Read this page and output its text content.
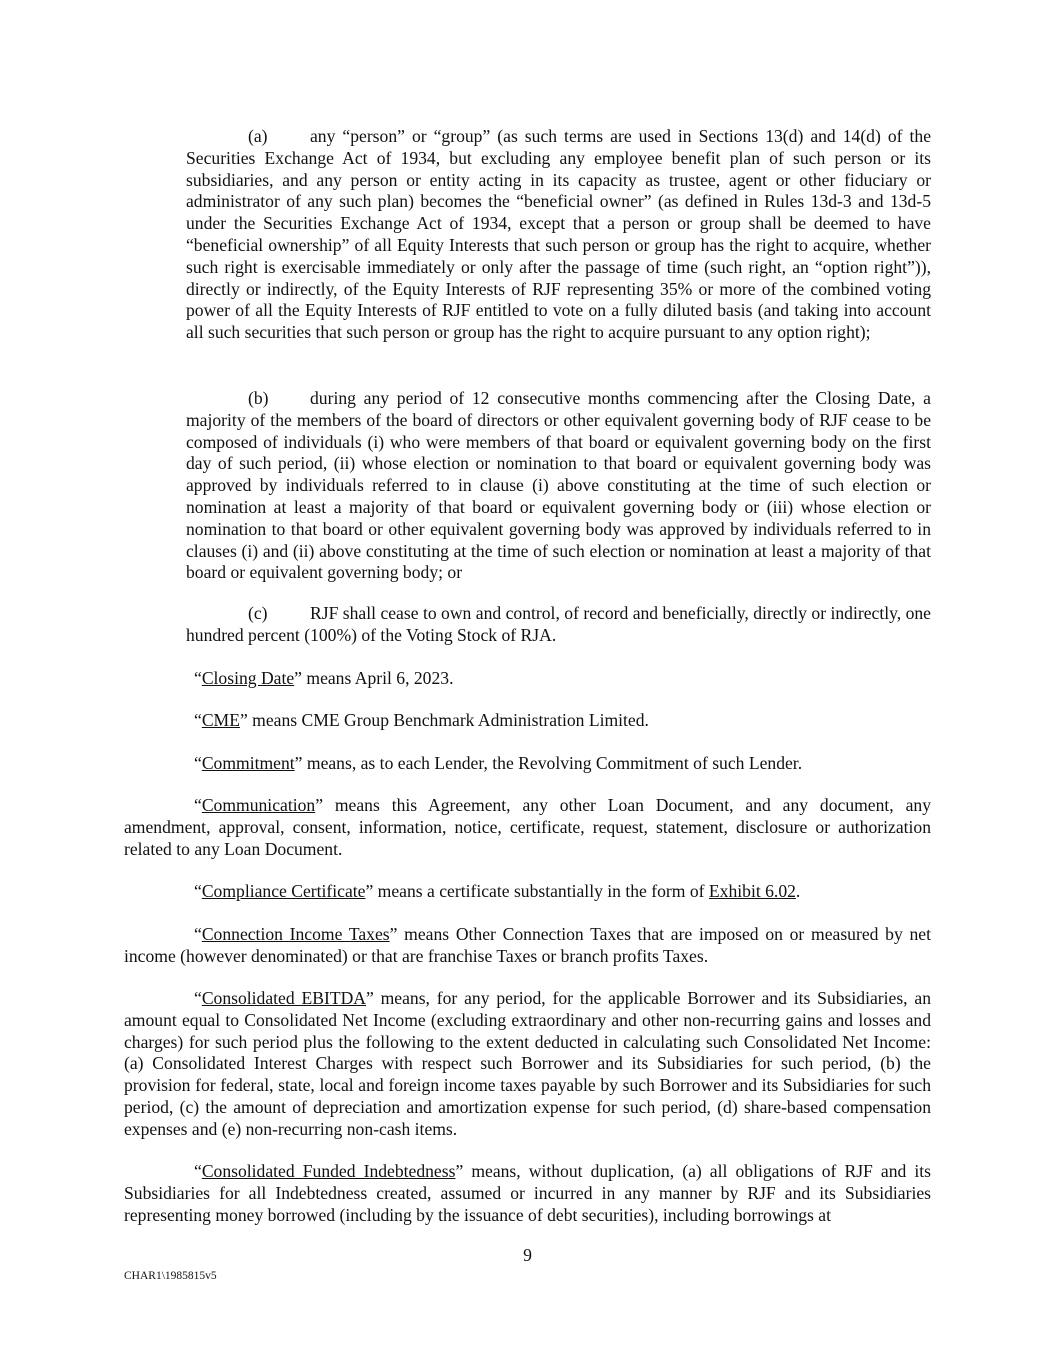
(a) any “person” or “group” (as such terms are used in Sections 13(d) and 14(d) of the Securities Exchange Act of 1934, but excluding any employee benefit plan of such person or its subsidiaries, and any person or entity acting in its capacity as trustee, agent or other fiduciary or administrator of any such plan) becomes the “beneficial owner” (as defined in Rules 13d-3 and 13d-5 under the Securities Exchange Act of 1934, except that a person or group shall be deemed to have “beneficial ownership” of all Equity Interests that such person or group has the right to acquire, whether such right is exercisable immediately or only after the passage of time (such right, an “option right”)), directly or indirectly, of the Equity Interests of RJF representing 35% or more of the combined voting power of all the Equity Interests of RJF entitled to vote on a fully diluted basis (and taking into account all such securities that such person or group has the right to acquire pursuant to any option right);

(b) during any period of 12 consecutive months commencing after the Closing Date, a majority of the members of the board of directors or other equivalent governing body of RJF cease to be composed of individuals (i) who were members of that board or equivalent governing body on the first day of such period, (ii) whose election or nomination to that board or equivalent governing body was approved by individuals referred to in clause (i) above constituting at the time of such election or nomination at least a majority of that board or equivalent governing body or (iii) whose election or nomination to that board or other equivalent governing body was approved by individuals referred to in clauses (i) and (ii) above constituting at the time of such election or nomination at least a majority of that board or equivalent governing body; or

(c) RJF shall cease to own and control, of record and beneficially, directly or indirectly, one hundred percent (100%) of the Voting Stock of RJA.

“Closing Date” means April 6, 2023.

“CME” means CME Group Benchmark Administration Limited.

“Commitment” means, as to each Lender, the Revolving Commitment of such Lender.

“Communication” means this Agreement, any other Loan Document, and any document, any amendment, approval, consent, information, notice, certificate, request, statement, disclosure or authorization related to any Loan Document.

“Compliance Certificate” means a certificate substantially in the form of Exhibit 6.02.

“Connection Income Taxes” means Other Connection Taxes that are imposed on or measured by net income (however denominated) or that are franchise Taxes or branch profits Taxes.

“Consolidated EBITDA” means, for any period, for the applicable Borrower and its Subsidiaries, an amount equal to Consolidated Net Income (excluding extraordinary and other non-recurring gains and losses and charges) for such period plus the following to the extent deducted in calculating such Consolidated Net Income: (a) Consolidated Interest Charges with respect such Borrower and its Subsidiaries for such period, (b) the provision for federal, state, local and foreign income taxes payable by such Borrower and its Subsidiaries for such period, (c) the amount of depreciation and amortization expense for such period, (d) share-based compensation expenses and (e) non-recurring non-cash items.

“Consolidated Funded Indebtedness” means, without duplication, (a) all obligations of RJF and its Subsidiaries for all Indebtedness created, assumed or incurred in any manner by RJF and its Subsidiaries representing money borrowed (including by the issuance of debt securities), including borrowings at

9

CHAR1\1985815v5
